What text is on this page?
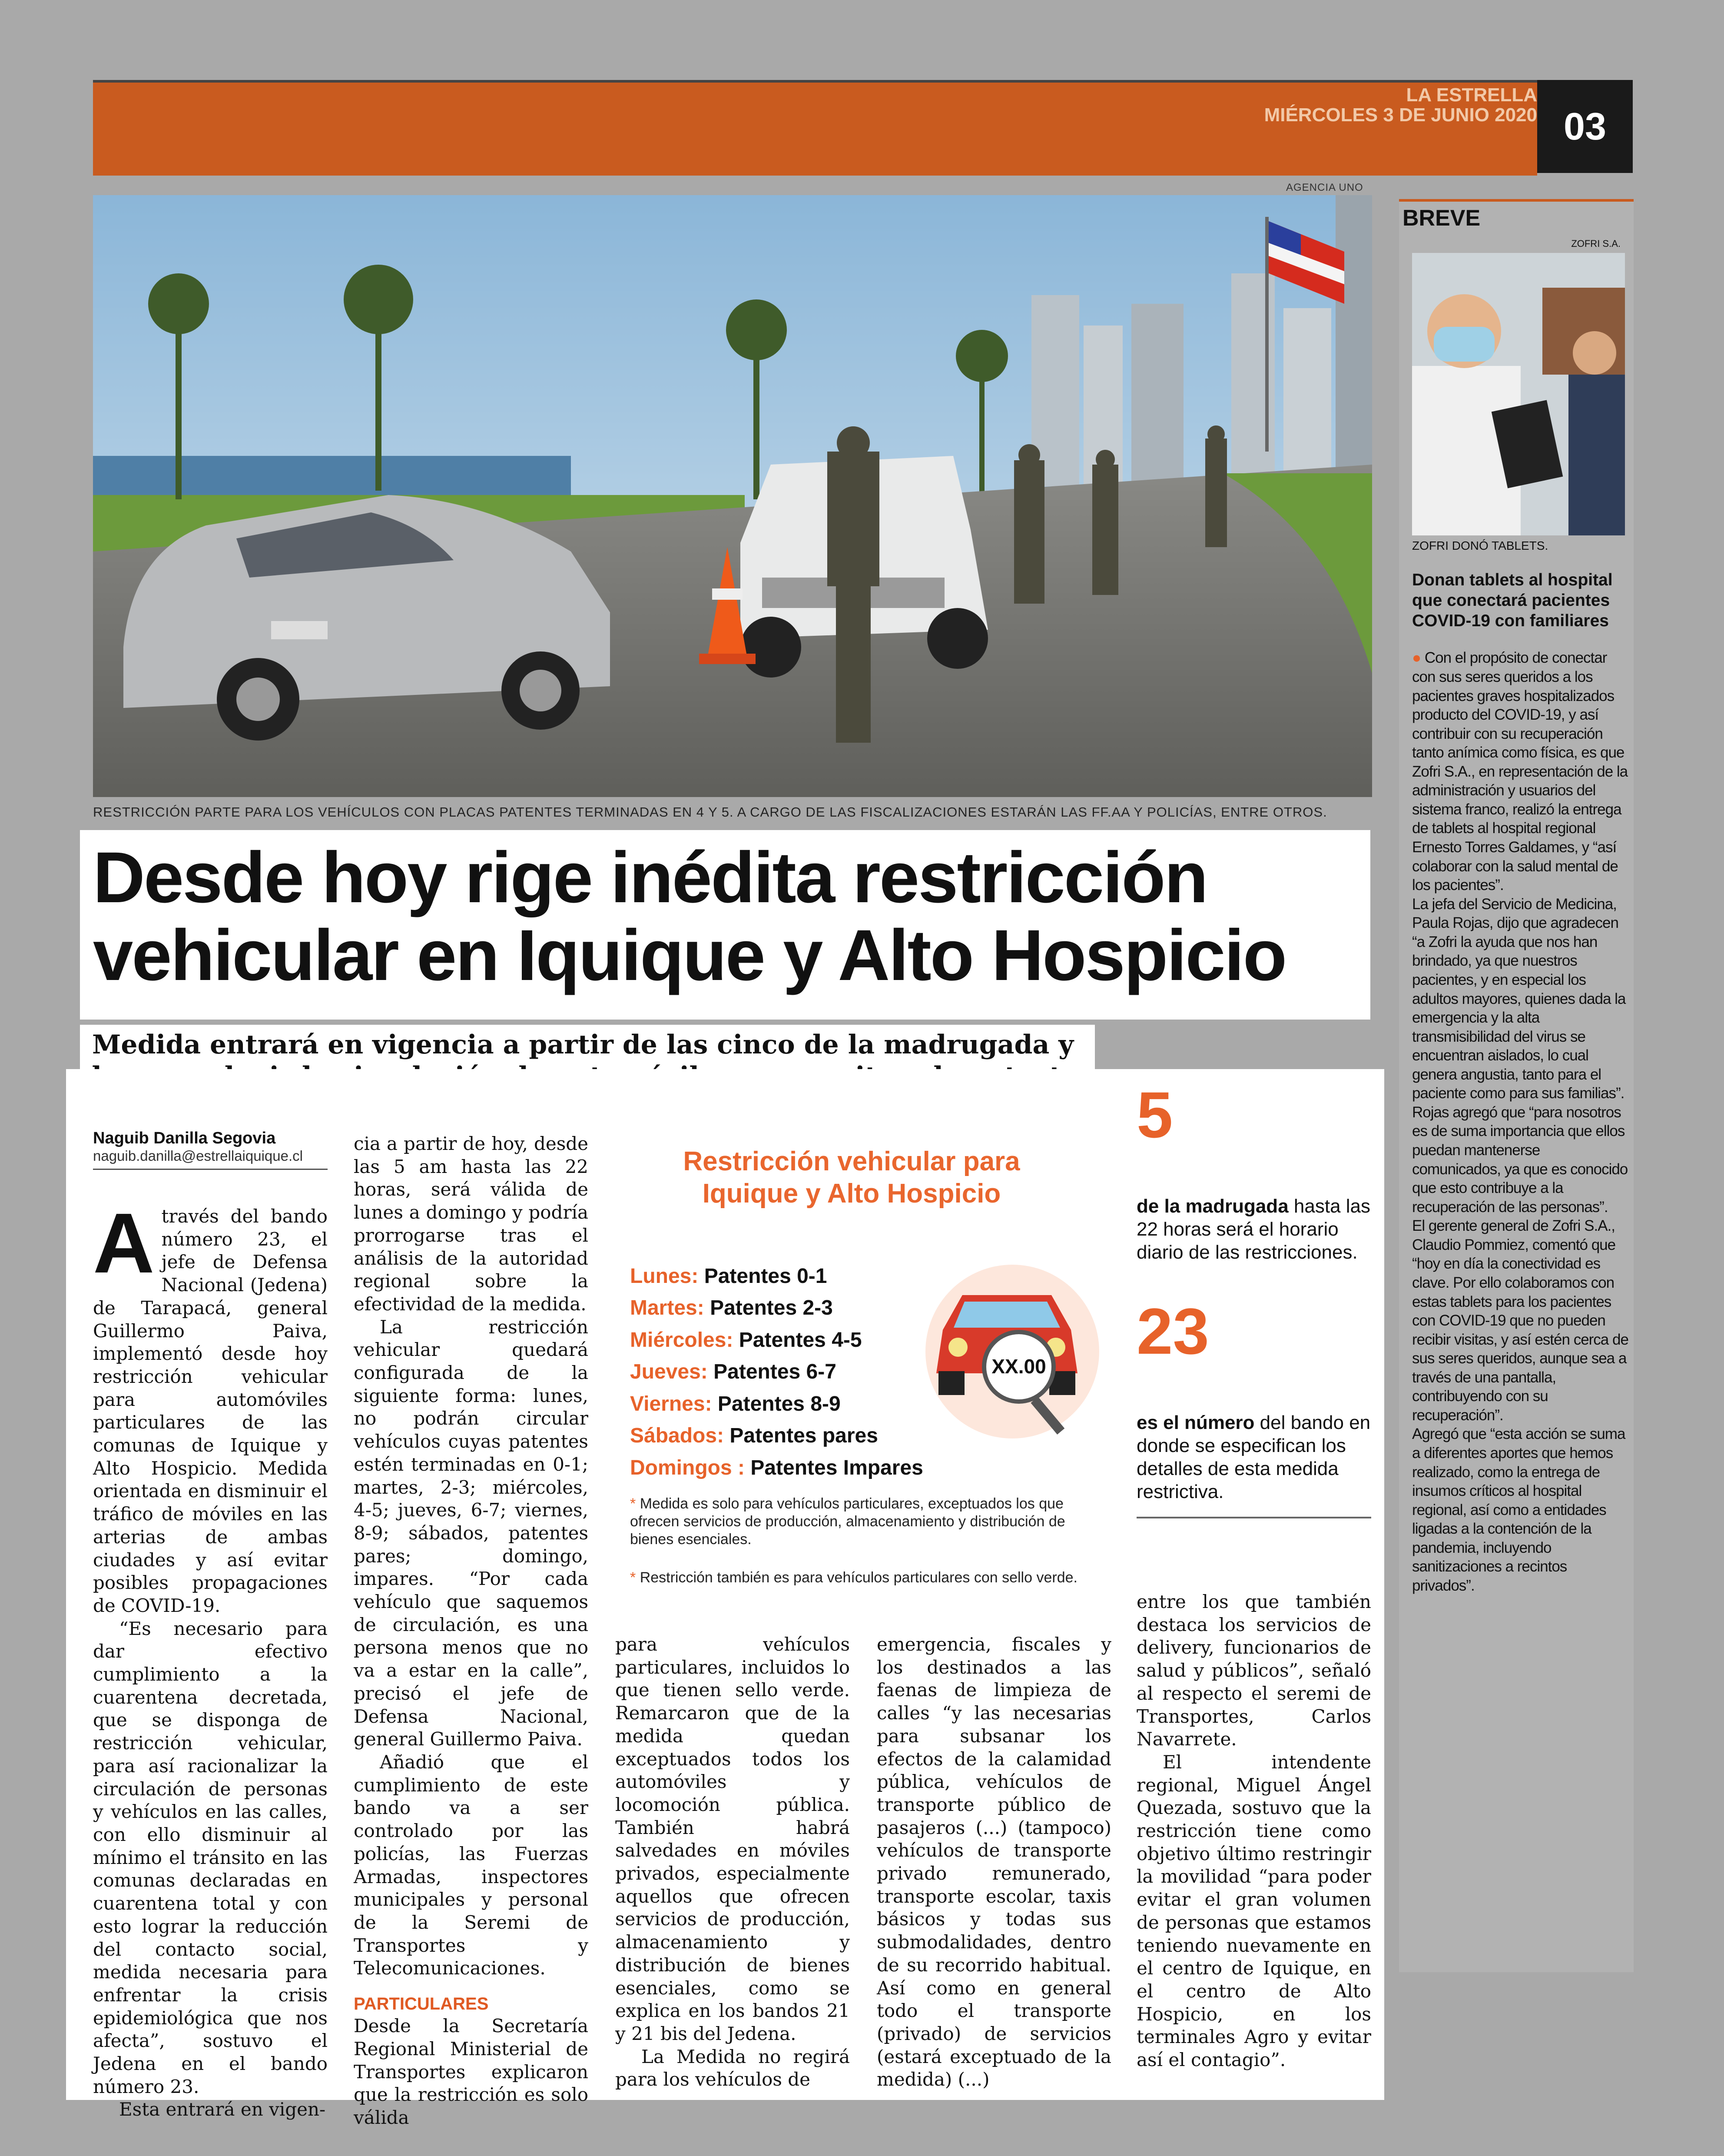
LA ESTRELLA
MIÉRCOLES 3 DE JUNIO 2020 03
AGENCIA UNO
RESTRICCIÓN PARTE PARA LOS VEHÍCULOS CON PLACAS PATENTES TERMINADAS EN 4 Y 5. A CARGO DE LAS FISCALIZACIONES ESTARÁN LAS FF.AA Y POLICÍAS, ENTRE OTROS.
Desde hoy rige inédita restricción vehicular en Iquique y Alto Hospicio
Medida entrará en vigencia a partir de las cinco de la madrugada y
Naguib Danilla Segovia
naguib.danilla@estrellaiquique.cl

Através del bando número 23, el jefe de Defensa Nacional (Jedena) de Tarapacá, general Guillermo Paiva, implementó desde hoy restricción vehicular para automóviles particulares de las comunas de Iquique y Alto Hospicio. Medida orientada en disminuir el tráfico de móviles en las arterias de ambas ciudades y así evitar posibles propagaciones de COVID-19.

“Es necesario para dar efectivo cumplimiento a la cuarentena decretada, que se disponga de restricción vehicular, para así racionalizar la circulación de personas y vehículos en las calles, con ello disminuir al mínimo el tránsito en las comunas declaradas en cuarentena total y con esto lograr la reducción del contacto social, medida necesaria para enfrentar la crisis epidemiológica que nos afecta”, sostuvo el Jedena en el bando número 23.

Esta entrará en vigen-

cia a partir de hoy, desde las 5 am hasta las 22 horas, será válida de lunes a domingo y podría prorrogarse tras el análisis de la autoridad regional sobre la efectividad de la medida.

La restricción vehicular quedará configurada de la siguiente forma: lunes, no podrán circular vehículos cuyas patentes estén terminadas en 0-1; martes, 2-3; miércoles, 4-5; jueves, 6-7; viernes, 8-9; sábados, patentes pares; domingo, impares. “Por cada vehículo que saquemos de circulación, es una persona menos que no va a estar en la calle”, precisó el jefe de Defensa Nacional, general Guillermo Paiva.

Añadió que el cumplimiento de este bando va a ser controlado por las policías, las Fuerzas Armadas, inspectores municipales y personal de la Seremi de Transportes y Telecomunicaciones.

PARTICULARES

Desde la Secretaría Regional Ministerial de Transportes explicaron que la restricción es solo válida

Restricción vehicular para Iquique y Alto Hospicio
XX.00
Lunes: Patentes 0-1
Martes: Patentes 2-3
Miércoles: Patentes 4-5
Jueves: Patentes 6-7
Viernes: Patentes 8-9
Sábados: Patentes pares
Domingos : Patentes Impares
* Medida es solo para vehículos particulares, exceptuados los que ofrecen servicios de producción, almacenamiento y distribución de bienes esenciales.
* Restricción también es para vehículos particulares con sello verde.
5
de la madrugada hasta las 22 horas será el horario diario de las restricciones.
23
es el número del bando en donde se especifican los detalles de esta medida restrictiva.

para vehículos particulares, incluidos lo que tienen sello verde. Remarcaron que de la medida quedan exceptuados todos los automóviles y locomoción pública. También habrá salvedades en móviles privados, especialmente aquellos que ofrecen servicios de producción, almacenamiento y distribución de bienes esenciales, como se explica en los bandos 21 y 21 bis del Jedena.

La Medida no regirá para los vehículos de

emergencia, fiscales y los destinados a las faenas de limpieza de calles “y las necesarias para subsanar los efectos de la calamidad pública, vehículos de transporte público de pasajeros (...) (tampoco) vehículos de transporte privado remunerado, transporte escolar, taxis básicos y todas sus submodalidades, dentro de su recorrido habitual. Así como en general todo el transporte (privado) de servicios (estará exceptuado de la medida) (...)

entre los que también destaca los servicios de delivery, funcionarios de salud y públicos”, señaló al respecto el seremi de Transportes, Carlos Navarrete.

El intendente regional, Miguel Ángel Quezada, sostuvo que la restricción tiene como objetivo último restringir la movilidad “para poder evitar el gran volumen de personas que estamos teniendo nuevamente en el centro de Iquique, en el centro de Alto Hospicio, en los terminales Agro y evitar así el contagio”.

BREVE
ZOFRI S.A.
ZOFRI DONÓ TABLETS.
Donan tablets al hospital que conectará pacientes COVID-19 con familiares

● Con el propósito de conectar con sus seres queridos a los pacientes graves hospitalizados producto del COVID-19, y así contribuir con su recuperación tanto anímica como física, es que Zofri S.A., en representación de la administración y usuarios del sistema franco, realizó la entrega de tablets al hospital regional Ernesto Torres Galdames, y “así colaborar con la salud mental de los pacientes”.

La jefa del Servicio de Medicina, Paula Rojas, dijo que agradecen “a Zofri la ayuda que nos han brindado, ya que nuestros pacientes, y en especial los adultos mayores, quienes dada la emergencia y la alta transmisibilidad del virus se encuentran aislados, lo cual genera angustia, tanto para el paciente como para sus familias”.

Rojas agregó que “para nosotros es de suma importancia que ellos puedan mantenerse comunicados, ya que es conocido que esto contribuye a la recuperación de las personas”.

El gerente general de Zofri S.A., Claudio Pommiez, comentó que “hoy en día la conectividad es clave. Por ello colaboramos con estas tablets para los pacientes con COVID-19 que no pueden recibir visitas, y así estén cerca de sus seres queridos, aunque sea a través de una pantalla, contribuyendo con su recuperación”.

Agregó que “esta acción se suma a diferentes aportes que hemos realizado, como la entrega de insumos críticos al hospital regional, así como a entidades ligadas a la contención de la pandemia, incluyendo sanitizaciones a recintos privados”.
